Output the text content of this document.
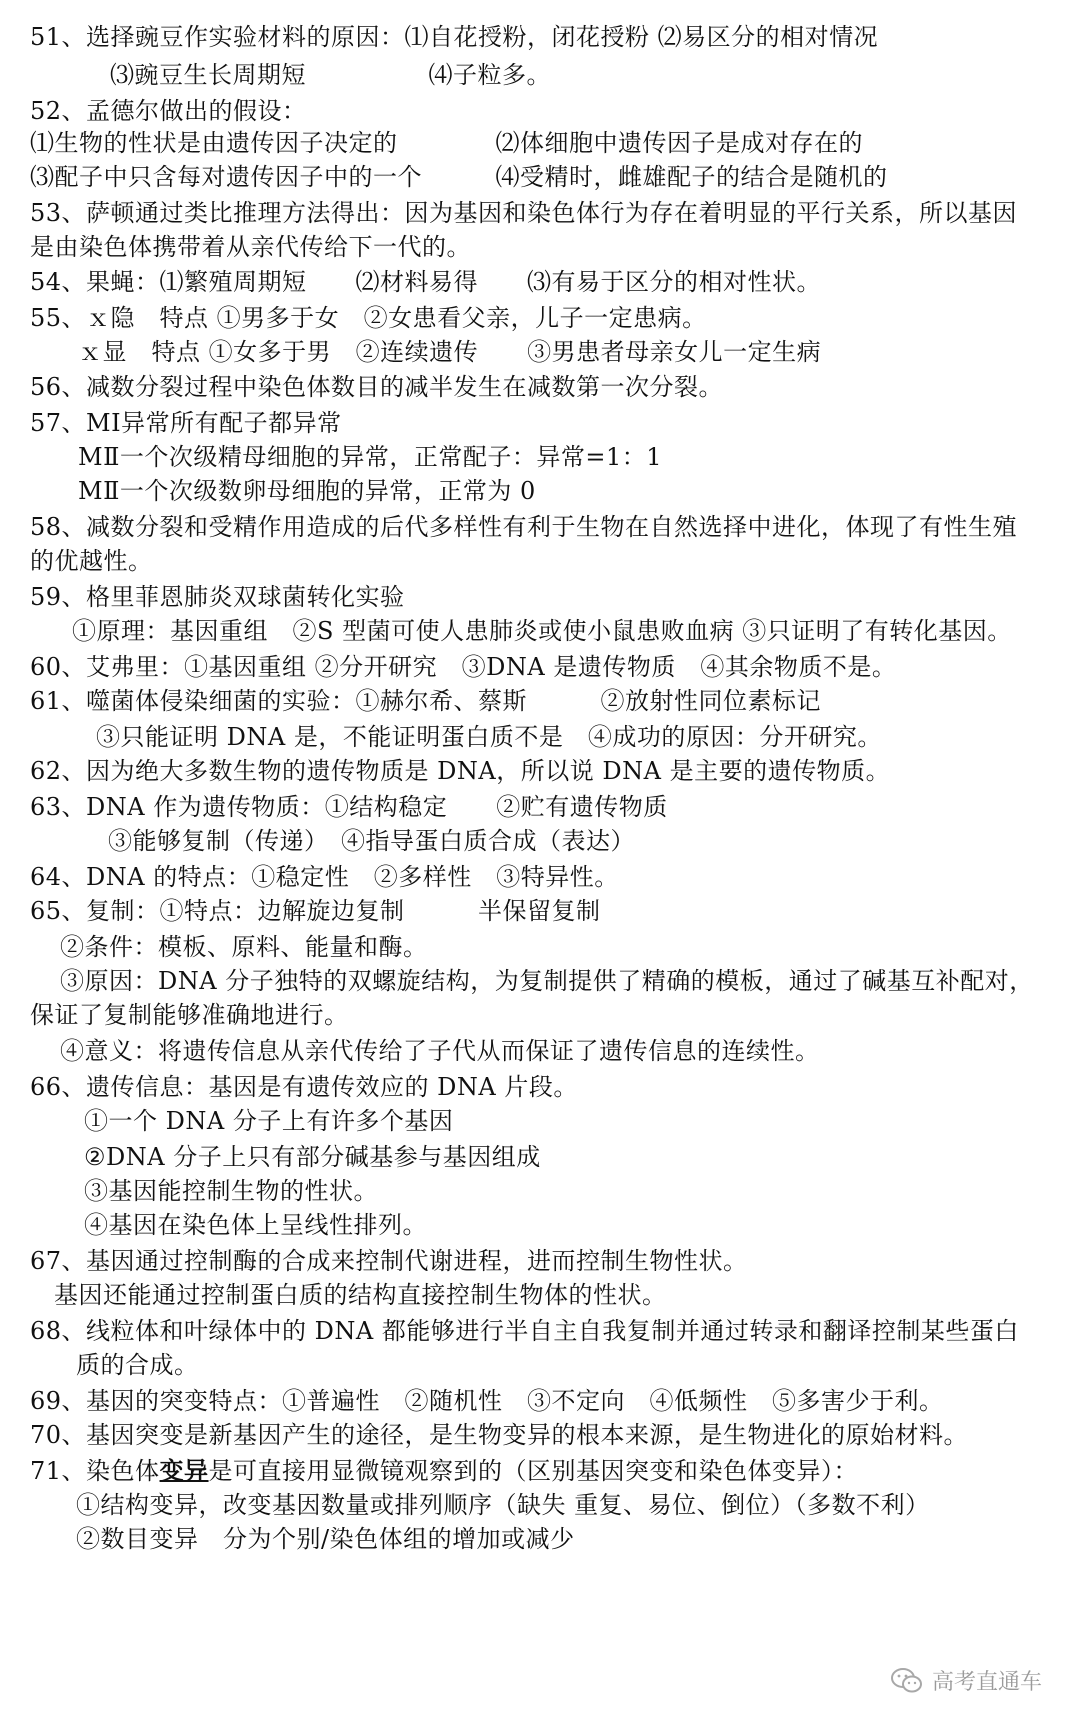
51、选择豌豆作实验材料的原因：⑴自花授粉，闭花授粉 ⑵易区分的相对情况
⑶豌豆生长周期短　　　　　⑷子粒多。
52、孟德尔做出的假设：
⑴生物的性状是由遗传因子决定的　　　　⑵体细胞中遗传因子是成对存在的
⑶配子中只含每对遗传因子中的一个　　　⑷受精时，雌雄配子的结合是随机的
53、萨顿通过类比推理方法得出：因为基因和染色体行为存在着明显的平行关系，所以基因
是由染色体携带着从亲代传给下一代的。
54、果蝇：⑴繁殖周期短　　⑵材料易得　　⑶有易于区分的相对性状。
55、ｘ隐　特点 ①男多于女　②女患看父亲，儿子一定患病。
ｘ显　特点 ①女多于男　②连续遗传　　③男患者母亲女儿一定生病
56、减数分裂过程中染色体数目的减半发生在减数第一次分裂。
57、MⅠ异常所有配子都异常
MⅡ一个次级精母细胞的异常，正常配子：异常=1：1
MⅡ一个次级数卵母细胞的异常，正常为 0
58、减数分裂和受精作用造成的后代多样性有利于生物在自然选择中进化，体现了有性生殖
的优越性。
59、格里菲恩肺炎双球菌转化实验
①原理：基因重组　②S 型菌可使人患肺炎或使小鼠患败血病 ③只证明了有转化基因。
60、艾弗里：①基因重组 ②分开研究　③DNA 是遗传物质　④其余物质不是。
61、噬菌体侵染细菌的实验：①赫尔希、蔡斯　　　②放射性同位素标记
③只能证明 DNA 是，不能证明蛋白质不是　④成功的原因：分开研究。
62、因为绝大多数生物的遗传物质是 DNA，所以说 DNA 是主要的遗传物质。
63、DNA 作为遗传物质：①结构稳定　　②贮有遗传物质
③能够复制（传递）　④指导蛋白质合成（表达）
64、DNA 的特点：①稳定性　②多样性　③特异性。
65、复制：①特点：边解旋边复制　　　半保留复制
②条件：模板、原料、能量和酶。
③原因：DNA 分子独特的双螺旋结构，为复制提供了精确的模板，通过了碱基互补配对，
保证了复制能够准确地进行。
④意义：将遗传信息从亲代传给了子代从而保证了遗传信息的连续性。
66、遗传信息：基因是有遗传效应的 DNA 片段。
①一个 DNA 分子上有许多个基因
②DNA 分子上只有部分碱基参与基因组成
③基因能控制生物的性状。
④基因在染色体上呈线性排列。
67、基因通过控制酶的合成来控制代谢进程，进而控制生物性状。
基因还能通过控制蛋白质的结构直接控制生物体的性状。
68、线粒体和叶绿体中的 DNA 都能够进行半自主自我复制并通过转录和翻译控制某些蛋白
质的合成。
69、基因的突变特点：①普遍性　②随机性　③不定向　④低频性　⑤多害少于利。
70、基因突变是新基因产生的途径，是生物变异的根本来源，是生物进化的原始材料。
71、染色体变异是可直接用显微镜观察到的（区别基因突变和染色体变异）：
①结构变异，改变基因数量或排列顺序（缺失 重复、易位、倒位）（多数不利）
②数目变异　分为个别/染色体组的增加或减少
高考直通车
